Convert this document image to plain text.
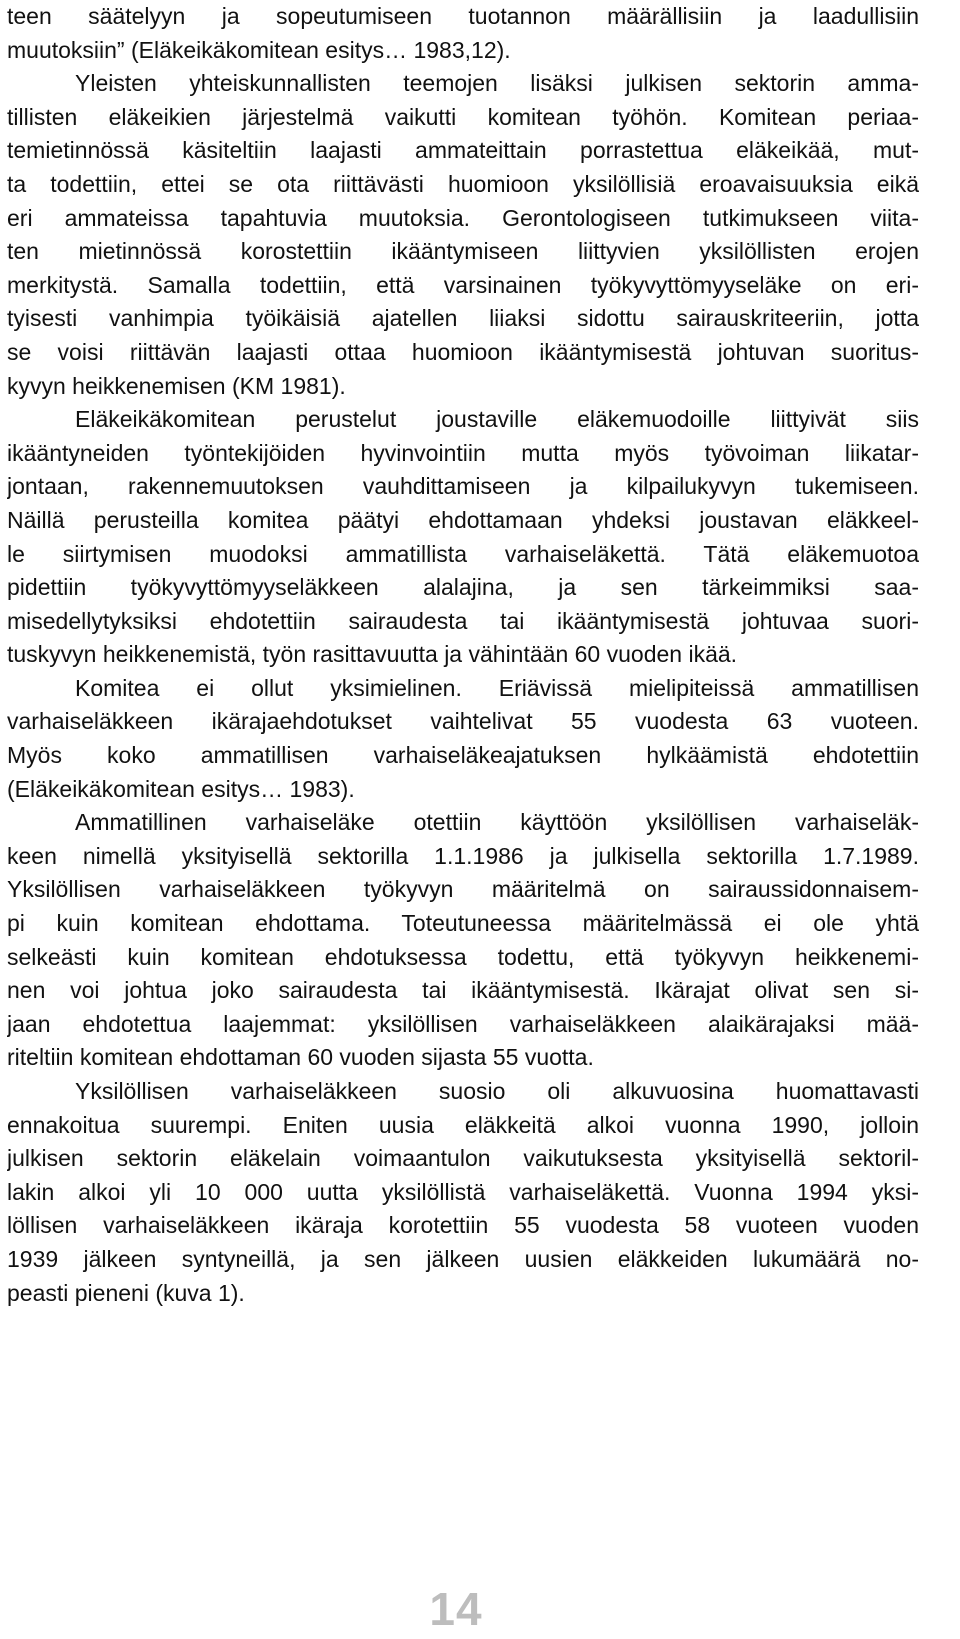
teen säätelyyn ja sopeutumiseen tuotannon määrällisiin ja laadullisiin
muutoksiin” (Eläkeikäkomitean esitys… 1983,12).
Yleisten yhteiskunnallisten teemojen lisäksi julkisen sektorin amma-
tillisten eläkeikien järjestelmä vaikutti komitean työhön. Komitean periaa-
temietinnössä käsiteltiin laajasti ammateittain porrastettua eläkeikää, mut-
ta todettiin, ettei se ota riittävästi huomioon yksilöllisiä eroavaisuuksia eikä
eri ammateissa tapahtuvia muutoksia. Gerontologiseen tutkimukseen viita-
ten mietinnössä korostettiin ikääntymiseen liittyvien yksilöllisten erojen
merkitystä. Samalla todettiin, että varsinainen työkyvyttömyyseläke on eri-
tyisesti vanhimpia työikäisiä ajatellen liiaksi sidottu sairauskriteeriin, jotta
se voisi riittävän laajasti ottaa huomioon ikääntymisestä johtuvan suoritus-
kyvyn heikkenemisen (KM 1981).
Eläkeikäkomitean perustelut joustaville eläkemuodoille liittyivät siis
ikääntyneiden työntekijöiden hyvinvointiin mutta myös työvoiman liikatar-
jontaan, rakennemuutoksen vauhdittamiseen ja kilpailukyvyn tukemiseen.
Näillä perusteilla komitea päätyi ehdottamaan yhdeksi joustavan eläkkeel-
le siirtymisen muodoksi ammatillista varhaiseläkettä. Tätä eläkemuotoa
pidettiin työkyvyttömyyseläkkeen alalajina, ja sen tärkeimmiksi saa-
misedellytyksiksi ehdotettiin sairaudesta tai ikääntymisestä johtuvaa suori-
tuskyvyn heikkenemistä, työn rasittavuutta ja vähintään 60 vuoden ikää.
Komitea ei ollut yksimielinen. Eriävissä mielipiteissä ammatillisen
varhaiseläkkeen ikärajaehdotukset vaihtelivat 55 vuodesta 63 vuoteen.
Myös koko ammatillisen varhaiseläkeajatuksen hylkäämistä ehdotettiin
(Eläkeikäkomitean esitys… 1983).
Ammatillinen varhaiseläke otettiin käyttöön yksilöllisen varhaiseläk-
keen nimellä yksityisellä sektorilla 1.1.1986 ja julkisella sektorilla 1.7.1989.
Yksilöllisen varhaiseläkkeen työkyvyn määritelmä on sairaussidonnaisem-
pi kuin komitean ehdottama. Toteutuneessa määritelmässä ei ole yhtä
selkeästi kuin komitean ehdotuksessa todettu, että työkyvyn heikkenemi-
nen voi johtua joko sairaudesta tai ikääntymisestä. Ikärajat olivat sen si-
jaan ehdotettua laajemmat: yksilöllisen varhaiseläkkeen alaikärajaksi mää-
riteltiin komitean ehdottaman 60 vuoden sijasta 55 vuotta.
Yksilöllisen varhaiseläkkeen suosio oli alkuvuosina huomattavasti
ennakoitua suurempi. Eniten uusia eläkkeitä alkoi vuonna 1990, jolloin
julkisen sektorin eläkelain voimaantulon vaikutuksesta yksityisellä sektoril-
lakin alkoi yli 10 000 uutta yksilöllistä varhaiseläkettä. Vuonna 1994 yksi-
löllisen varhaiseläkkeen ikäraja korotettiin 55 vuodesta 58 vuoteen vuoden
1939 jälkeen syntyneillä, ja sen jälkeen uusien eläkkeiden lukumäärä no-
peasti pieneni (kuva 1).
14
